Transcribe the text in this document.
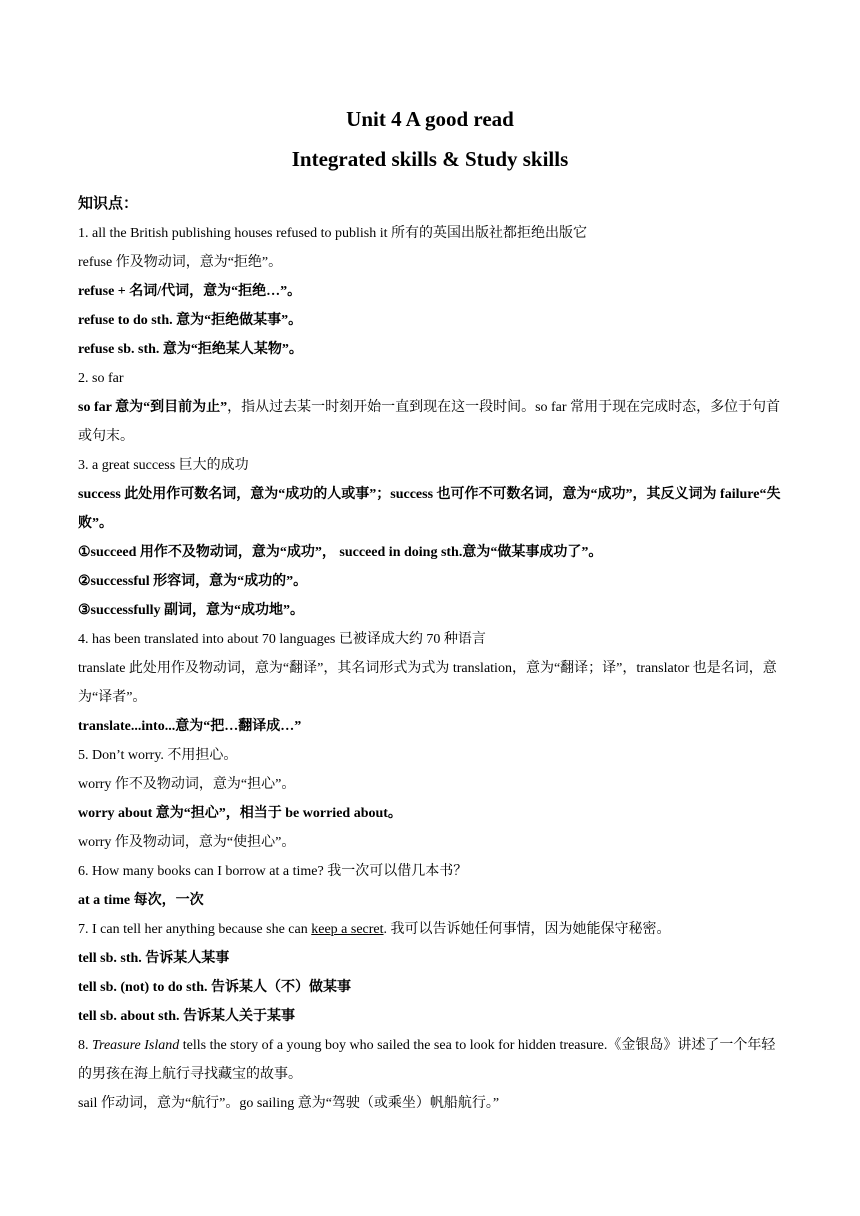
Unit 4 A good read
Integrated skills & Study skills

知识点：

1. all the British publishing houses refused to publish it 所有的英国出版社都拒绝出版它

refuse 作及物动词，意为“拒绝”。

refuse + 名词/代词，意为“拒绝…”。

refuse to do sth. 意为“拒绝做某事”。

refuse sb. sth. 意为“拒绝某人某物”。

2. so far

so far 意为“到目前为止”，指从过去某一时刻开始一直到现在这一段时间。so far 常用于现在完成时态，多位于句首或句末。

3. a great success 巨大的成功

success 此处用作可数名词，意为“成功的人或事”；success 也可作不可数名词，意为“成功”，其反义词为 failure“失败”。

①succeed 用作不及物动词，意为“成功”， succeed in doing sth.意为“做某事成功了”。

②successful 形容词，意为“成功的”。

③successfully 副词，意为“成功地”。

4. has been translated into about 70 languages 已被译成大约 70 种语言

translate 此处用作及物动词，意为“翻译”，其名词形式为式为 translation，意为“翻译；译”，translator 也是名词，意为“译者”。

translate...into...意为“把…翻译成…”

5. Don’t worry. 不用担心。

worry 作不及物动词，意为“担心”。

worry about 意为“担心”，相当于 be worried about。

worry 作及物动词，意为“使担心”。

6. How many books can I borrow at a time? 我一次可以借几本书？

at a time 每次，一次

7. I can tell her anything because she can keep a secret. 我可以告诉她任何事情，因为她能保守秘密。

tell sb. sth. 告诉某人某事

tell sb. (not) to do sth. 告诉某人（不）做某事

tell sb. about sth. 告诉某人关于某事

8. Treasure Island tells the story of a young boy who sailed the sea to look for hidden treasure.《金银岛》讲述了一个年轻的男孩在海上航行寻找藏宝的故事。

sail 作动词，意为“航行”。go sailing 意为“驾驶（或乘坐）帆船航行。”
